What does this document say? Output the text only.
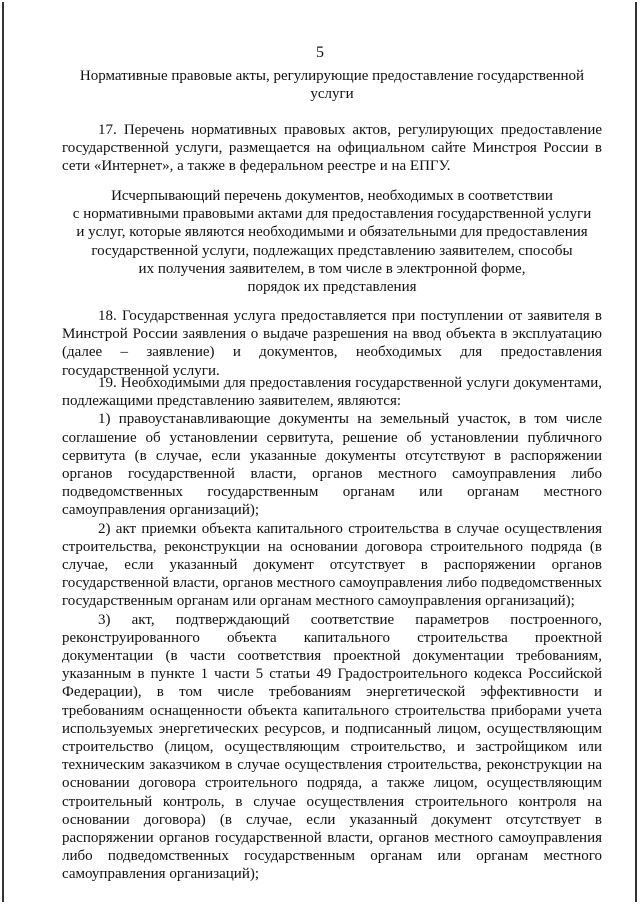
5
Нормативные правовые акты, регулирующие предоставление государственной услуги
17. Перечень нормативных правовых актов, регулирующих предоставление государственной услуги, размещается на официальном сайте Минстроя России в сети «Интернет», а также в федеральном реестре и на ЕПГУ.

Исчерпывающий перечень документов, необходимых в соответствии

с нормативными правовыми актами для предоставления государственной услуги

и услуг, которые являются необходимыми и обязательными для предоставления

государственной услуги, подлежащих представлению заявителем, способы

их получения заявителем, в том числе в электронной форме,

порядок их представления

18. Государственная услуга предоставляется при поступлении от заявителя в Минстрой России заявления о выдаче разрешения на ввод объекта в эксплуатацию (далее – заявление) и документов, необходимых для предоставления государственной услуги.

19. Необходимыми для предоставления государственной услуги документами, подлежащими представлению заявителем, являются:

1) правоустанавливающие документы на земельный участок, в том числе соглашение об установлении сервитута, решение об установлении публичного сервитута (в случае, если указанные документы отсутствуют в распоряжении органов государственной власти, органов местного самоуправления либо подведомственных государственным органам или органам местного самоуправления организаций);

2) акт приемки объекта капитального строительства в случае осуществления строительства, реконструкции на основании договора строительного подряда (в случае, если указанный документ отсутствует в распоряжении органов государственной власти, органов местного самоуправления либо подведомственных государственным органам или органам местного самоуправления организаций);

3) акт, подтверждающий соответствие параметров построенного, реконструированного объекта капитального строительства проектной документации (в части соответствия проектной документации требованиям, указанным в пункте 1 части 5 статьи 49 Градостроительного кодекса Российской Федерации), в том числе требованиям энергетической эффективности и требованиям оснащенности объекта капитального строительства приборами учета используемых энергетических ресурсов, и подписанный лицом, осуществляющим строительство (лицом, осуществляющим строительство, и застройщиком или техническим заказчиком в случае осуществления строительства, реконструкции на основании договора строительного подряда, а также лицом, осуществляющим строительный контроль, в случае осуществления строительного контроля на основании договора) (в случае, если указанный документ отсутствует в распоряжении органов государственной власти, органов местного самоуправления либо подведомственных государственным органам или органам местного самоуправления организаций);
